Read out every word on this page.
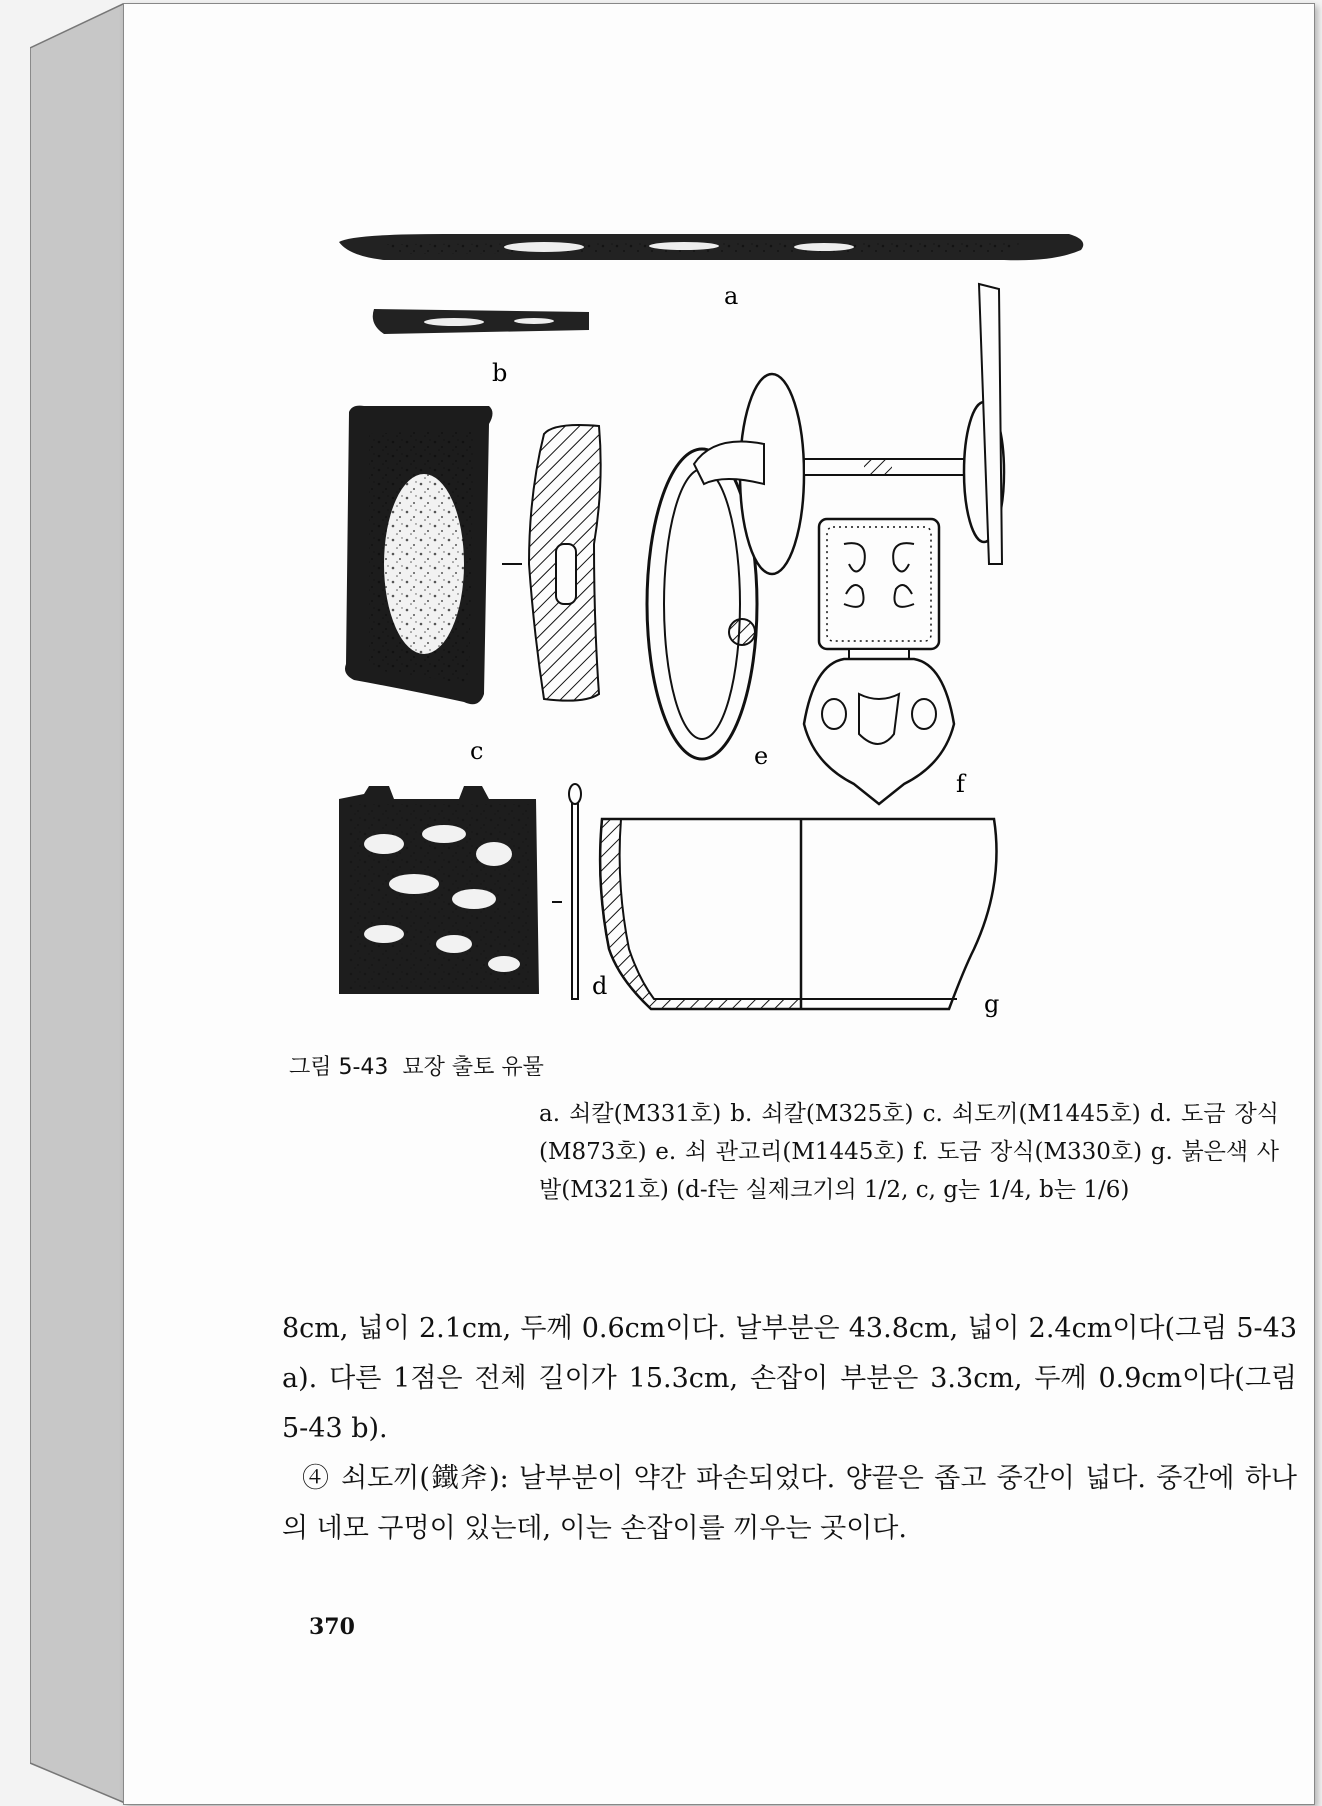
a
b
c
d
e
f
g
그림 5-43  묘장 출토 유물
a. 쇠칼(M331호) b. 쇠칼(M325호) c. 쇠도끼(M1445호) d. 도금 장식(M873호) e. 쇠 관고리(M1445호) f. 도금 장식(M330호) g. 붉은색 사발(M321호) (d-f는 실제크기의 1/2, c, g는 1/4, b는 1/6)

8cm, 넓이 2.1cm, 두께 0.6cm이다. 날부분은 43.8cm, 넓이 2.4cm이다(그림 5-43 a). 다른 1점은 전체 길이가 15.3cm, 손잡이 부분은 3.3cm, 두께 0.9cm이다(그림 5-43 b).

④ 쇠도끼(鐵斧): 날부분이 약간 파손되었다. 양끝은 좁고 중간이 넓다. 중간에 하나의 네모 구멍이 있는데, 이는 손잡이를 끼우는 곳이다.

370
